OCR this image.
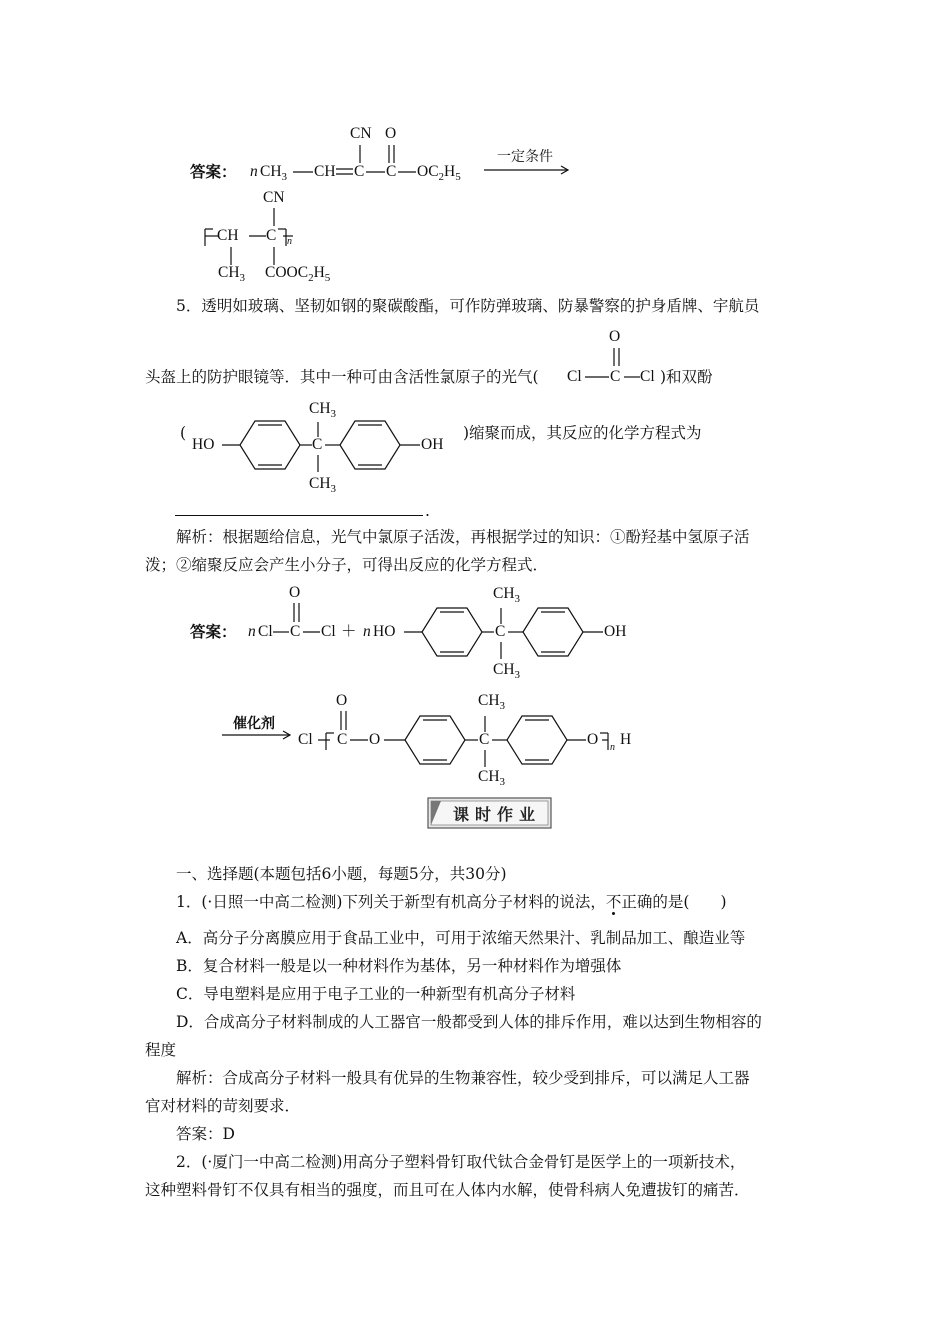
答案： n $CH_3$ CH C C $OC_2H_5$
CN O
一定条件
CH C
CN
n
$CH_3$ $COOC_2H_5$
5．透明如玻璃、坚韧如钢的聚碳酸酯，可作防弹玻璃、防暴警察的护身盾牌、宇航员
头盔上的防护眼镜等．其中一种可由含活性氯原子的光气( Cl C Cl
O
)和双酚
(
HO	C
$CH_3$
$CH_3$
OH
)缩聚而成，其反应的化学方程式为
.
解析：根据题给信息，光气中氯原子活泼，再根据学过的知识：①酚羟基中氢原子活
泼；②缩聚反应会产生小分子，可得出反应的化学方程式．
答案： n Cl C
O
Cl ＋ n HO	C
$CH_3$
$CH_3$
OH
催化剂
Cl C
O
O	C
$CH_3$
$CH_3$
O n H
课时作业
一、选择题(本题包括6小题，每题5分，共30分)
1．(·日照一中高二检测)下列关于新型有机高分子材料的说法，不正确的是(　　)
A．高分子分离膜应用于食品工业中，可用于浓缩天然果汁、乳制品加工、酿造业等
B．复合材料一般是以一种材料作为基体，另一种材料作为增强体
C．导电塑料是应用于电子工业的一种新型有机高分子材料
D．合成高分子材料制成的人工器官一般都受到人体的排斥作用，难以达到生物相容的
程度
解析：合成高分子材料一般具有优异的生物兼容性，较少受到排斥，可以满足人工器
官对材料的苛刻要求．
答案：D
2．(·厦门一中高二检测)用高分子塑料骨钉取代钛合金骨钉是医学上的一项新技术，
这种塑料骨钉不仅具有相当的强度，而且可在人体内水解，使骨科病人免遭拔钉的痛苦．
